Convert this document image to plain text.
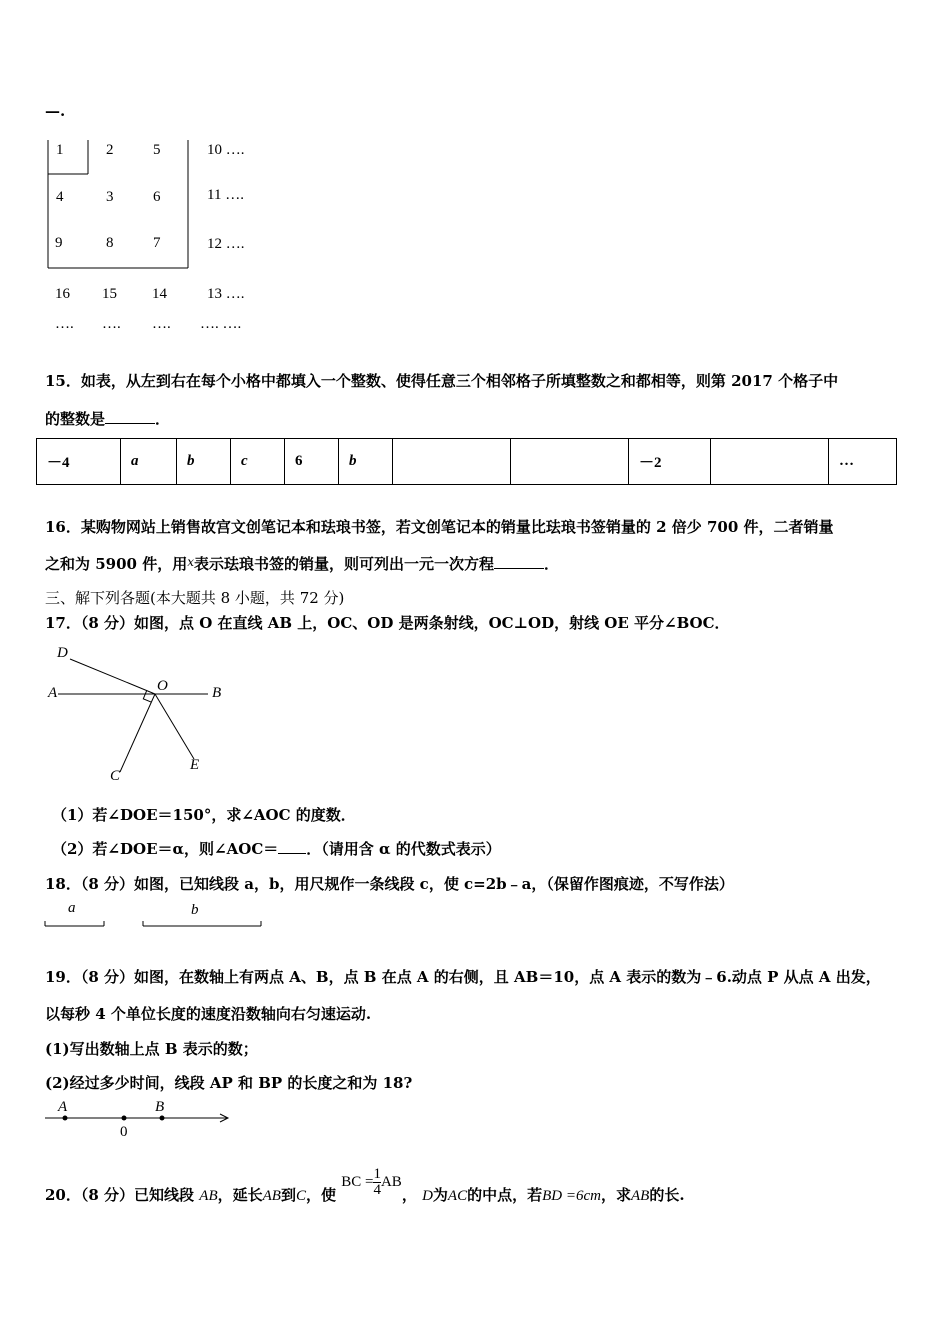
—.
1	2	5	10 ….
4	3	6	11 ….
9	8	7	12 ….
16 15 14	13 ….
…. …. …. …. ….
15．如表，从左到右在每个小格中都填入一个整数、使得任意三个相邻格子所填整数之和都相等，则第 2017 个格子中
的整数是	．
－4	a	b	c	6	b			－2		…
16．某购物网站上销售故宫文创笔记本和珐琅书签，若文创笔记本的销量比珐琅书签销量的 2 倍少 700 件，二者销量
之和为 5900 件，用$^x$表示珐琅书签的销量，则可列出一元一次方程	．
三、解下列各题(本大题共 8 小题，共 72 分)
17．（8 分）如图，点 O 在直线 AB 上，OC、OD 是两条射线，OC⊥OD，射线 OE 平分∠BOC．
D
A	O	B
C
E
（1）若∠DOE＝150°，求∠AOC 的度数．
（2）若∠DOE＝α，则∠AOC＝ ．（请用含 α 的代数式表示）
18．（8 分）如图，已知线段 a，b，用尺规作一条线段 c，使 c=2b﹣a，（保留作图痕迹，不写作法）
a	b
19．（8 分）如图，在数轴上有两点 A、B，点 B 在点 A 的右侧，且 AB＝10，点 A 表示的数为﹣6.动点 P 从点 A 出发，
以每秒 4 个单位长度的速度沿数轴向右匀速运动.
(1)写出数轴上点 B 表示的数；
(2)经过多少时间，线段 AP 和 BP 的长度之和为 18?
A
0
B
20．（8 分）已知线段 AB，延长AB到C，使 BC = $\frac{1}{4}$ AB， D为AC的中点，若BD =6cm，求AB的长.
